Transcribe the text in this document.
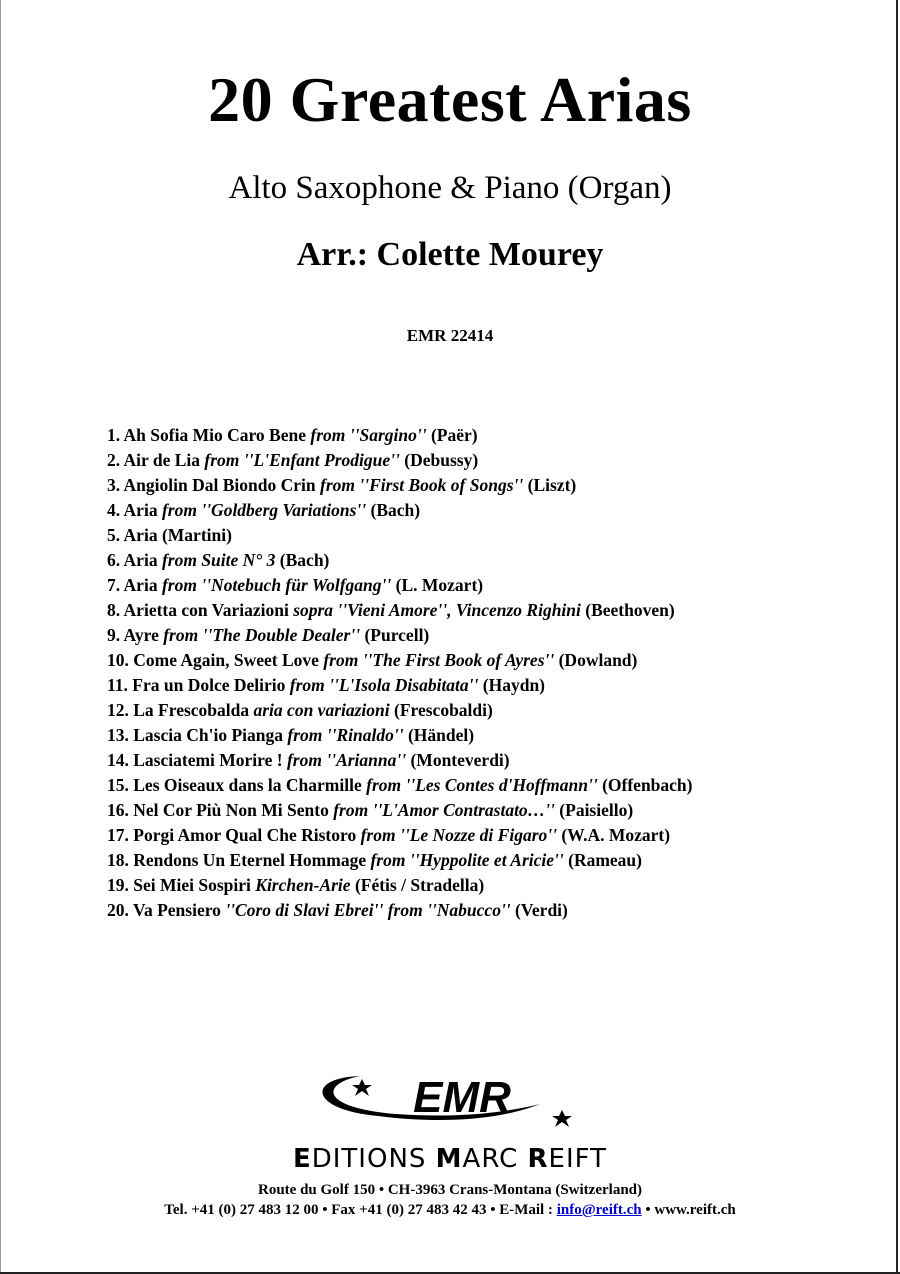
20 Greatest Arias
Alto Saxophone & Piano (Organ)
Arr.: Colette Mourey
EMR 22414
1. Ah Sofia Mio Caro Bene from ''Sargino'' (Paër)
2. Air de Lia from ''L'Enfant Prodigue'' (Debussy)
3. Angiolin Dal Biondo Crin from ''First Book of Songs'' (Liszt)
4. Aria from ''Goldberg Variations'' (Bach)
5. Aria (Martini)
6. Aria from Suite N° 3 (Bach)
7. Aria from ''Notebuch für Wolfgang'' (L. Mozart)
8. Arietta con Variazioni sopra ''Vieni Amore'', Vincenzo Righini (Beethoven)
9. Ayre from ''The Double Dealer'' (Purcell)
10. Come Again, Sweet Love from ''The First Book of Ayres'' (Dowland)
11. Fra un Dolce Delirio from ''L'Isola Disabitata'' (Haydn)
12. La Frescobalda aria con variazioni (Frescobaldi)
13. Lascia Ch'io Pianga from ''Rinaldo'' (Händel)
14. Lasciatemi Morire ! from ''Arianna'' (Monteverdi)
15. Les Oiseaux dans la Charmille from ''Les Contes d'Hoffmann'' (Offenbach)
16. Nel Cor Più Non Mi Sento from ''L'Amor Contrastato…'' (Paisiello)
17. Porgi Amor Qual Che Ristoro from ''Le Nozze di Figaro'' (W.A. Mozart)
18. Rendons Un Eternel Hommage from ''Hyppolite et Aricie'' (Rameau)
19. Sei Miei Sospiri Kirchen-Arie (Fétis / Stradella)
20. Va Pensiero ''Coro di Slavi Ebrei'' from ''Nabucco'' (Verdi)
EMR
EDITIONS MARC REIFT
Route du Golf 150 • CH-3963 Crans-Montana (Switzerland)
Tel. +41 (0) 27 483 12 00 • Fax +41 (0) 27 483 42 43 • E-Mail : info@reift.ch • www.reift.ch
